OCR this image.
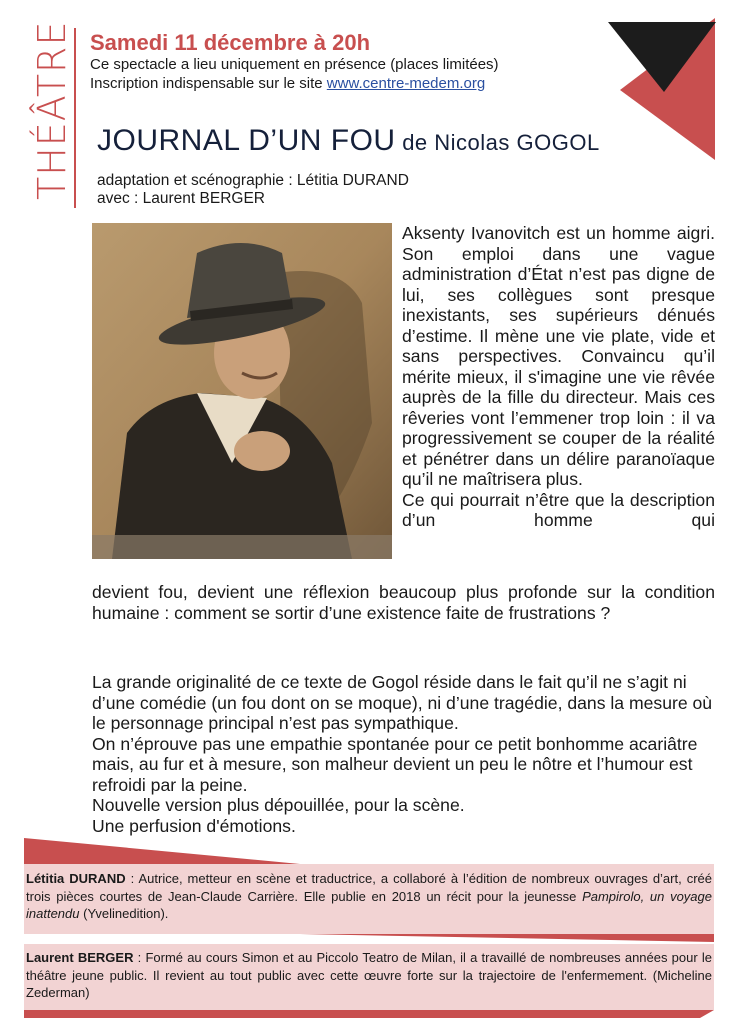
THÉÂTRE Samedi 11 décembre à 20h
Ce spectacle a lieu uniquement en présence (places limitées)
Inscription indispensable sur le site www.centre-medem.org
JOURNAL D’UN FOU de Nicolas GOGOL
adaptation et scénographie : Létitia DURAND
avec : Laurent BERGER

Aksenty Ivanovitch est un homme aigri. Son emploi dans une vague administration d’État n’est pas digne de lui, ses collègues sont presque inexistants, ses supérieurs dénués d’estime. Il mène une vie plate, vide et sans perspectives. Convaincu qu’il mérite mieux, il s'imagine une vie rêvée auprès de la fille du directeur. Mais ces rêveries vont l’emmener trop loin : il va progressivement se couper de la réalité et pénétrer dans un délire paranoïaque qu’il ne maîtrisera plus.

Ce qui pourrait n’être que la description d’un homme qui

devient fou, devient une réflexion beaucoup plus profonde sur la condition humaine : comment se sortir d’une existence faite de frustrations ?

La grande originalité de ce texte de Gogol réside dans le fait qu’il ne s’agit ni d’une comédie (un fou dont on se moque), ni d’une tragédie, dans la mesure où le personnage principal n’est pas sympathique.

On n’éprouve pas une empathie spontanée pour ce petit bonhomme acariâtre mais, au fur et à mesure, son malheur devient un peu le nôtre et l’humour est refroidi par la peine.

Nouvelle version plus dépouillée, pour la scène.

Une perfusion d'émotions.

Létitia DURAND : Autrice, metteur en scène et traductrice, a collaboré à l’édition de nombreux ouvrages d’art, créé trois pièces courtes de Jean-Claude Carrière. Elle publie en 2018 un récit pour la jeunesse Pampirolo, un voyage inattendu (Yvelinedition).
Laurent BERGER : Formé au cours Simon et au Piccolo Teatro de Milan, il a travaillé de nombreuses années pour le théâtre jeune public. Il revient au tout public avec cette œuvre forte sur la trajectoire de l'enfermement. (Micheline Zederman)
